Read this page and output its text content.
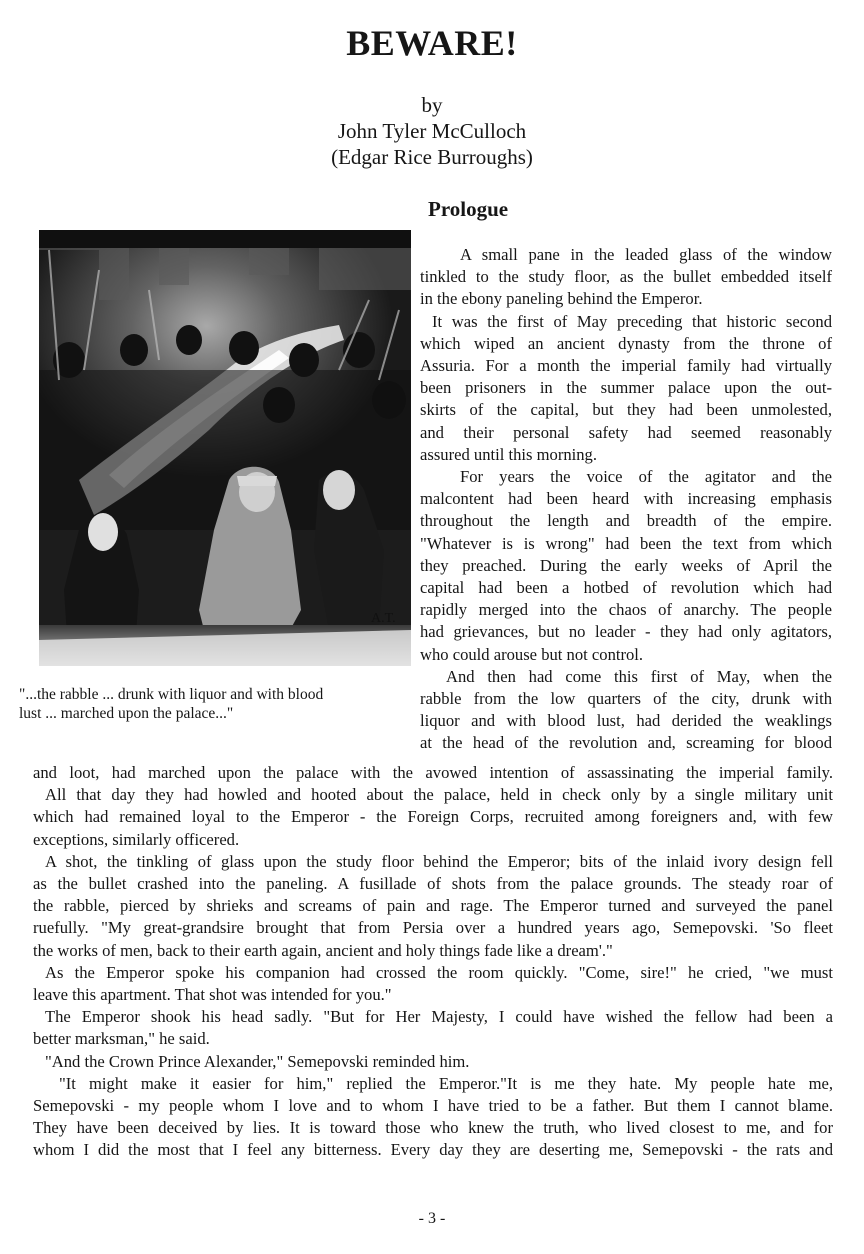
BEWARE!
by
John Tyler McCulloch
(Edgar Rice Burroughs)
Prologue
A.T.
"...the rabble ... drunk with liquor and with blood
lust ... marched upon the palace..."
A small pane in the leaded glass of the window
tinkled to the study floor, as the bullet embedded itself
in the ebony paneling behind the Emperor.
It was the first of May preceding that historic second
which wiped an ancient dynasty from the throne of
Assuria. For a month the imperial family had virtually
been prisoners in the summer palace upon the out-
skirts of the capital, but they had been unmolested,
and their personal safety had seemed reasonably
assured until this morning.
For years the voice of the agitator and the
malcontent had been heard with increasing emphasis
throughout the length and breadth of the empire.
"Whatever is is wrong" had been the text from which
they preached. During the early weeks of April the
capital had been a hotbed of revolution which had
rapidly merged into the chaos of anarchy. The people
had grievances, but no leader - they had only agitators,
who could arouse but not control.
And then had come this first of May, when the
rabble from the low quarters of the city, drunk with
liquor and with blood lust, had derided the weaklings
at the head of the revolution and, screaming for blood
and loot, had marched upon the palace with the avowed intention of assassinating the imperial family.
All that day they had howled and hooted about the palace, held in check only by a single military unit
which had remained loyal to the Emperor - the Foreign Corps, recruited among foreigners and, with few
exceptions, similarly officered.
A shot, the tinkling of glass upon the study floor behind the Emperor; bits of the inlaid ivory design fell
as the bullet crashed into the paneling. A fusillade of shots from the palace grounds. The steady roar of
the rabble, pierced by shrieks and screams of pain and rage. The Emperor turned and surveyed the panel
ruefully. "My great-grandsire brought that from Persia over a hundred years ago, Semepovski. 'So fleet
the works of men, back to their earth again, ancient and holy things fade like a dream'."
As the Emperor spoke his companion had crossed the room quickly. "Come, sire!" he cried, "we must
leave this apartment. That shot was intended for you."
The Emperor shook his head sadly. "But for Her Majesty, I could have wished the fellow had been a
better marksman," he said.
"And the Crown Prince Alexander," Semepovski reminded him.
"It might make it easier for him," replied the Emperor."It is me they hate. My people hate me,
Semepovski - my people whom I love and to whom I have tried to be a father. But them I cannot blame.
They have been deceived by lies. It is toward those who knew the truth, who lived closest to me, and for
whom I did the most that I feel any bitterness. Every day they are deserting me, Semepovski - the rats and
- 3 -
